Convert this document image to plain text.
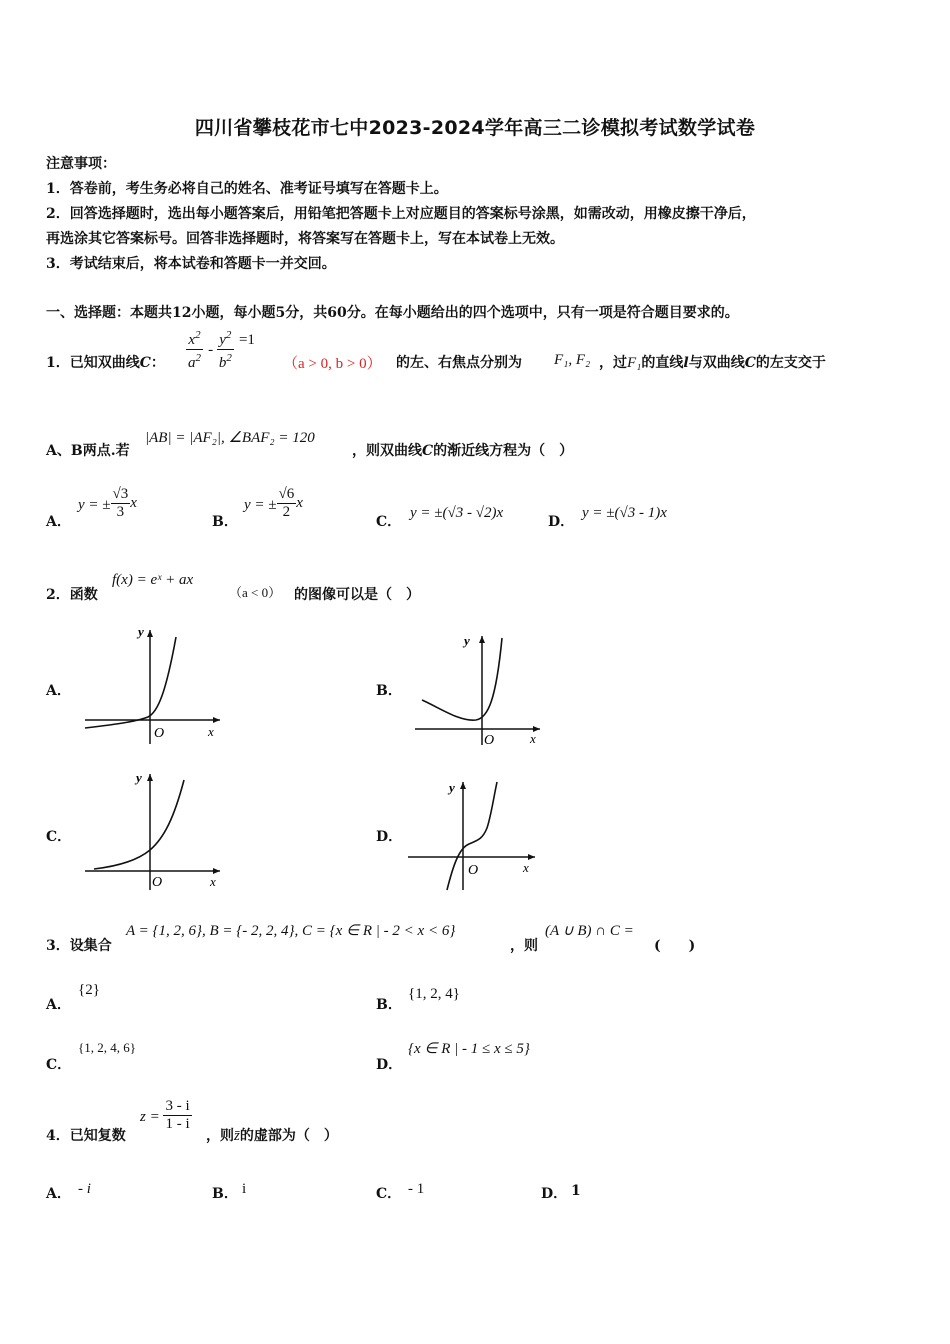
四川省攀枝花市七中2023-2024学年高三二诊模拟考试数学试卷
注意事项：
1．答卷前，考生务必将自己的姓名、准考证号填写在答题卡上。
2．回答选择题时，选出每小题答案后，用铅笔把答题卡上对应题目的答案标号涂黑，如需改动，用橡皮擦干净后，
再选涂其它答案标号。回答非选择题时，将答案写在答题卡上，写在本试卷上无效。
3．考试结束后，将本试卷和答题卡一并交回。
一、选择题：本题共12小题，每小题5分，共60分。在每小题给出的四个选项中，只有一项是符合题目要求的。
1．已知双曲线C： $\frac{x^2}{a^2} - \frac{y^2}{b^2} =1$
（a > 0, b > 0） 的左、右焦点分别为 F₁, F₂ ，过F₁的直线l与双曲线C的左支交于
A、B两点.若
|AB| = |AF₂|, ∠BAF₂ = 120
，则双曲线C的渐近线方程为（　）
A．
y = ± $\frac{√3}{3}$ x
B．
y = ± $\frac{√6}{2}$ x
C．
y = ±(√3 - √2)x
D．
y = ±(√3 - 1)x
2．函数
f(x) = eˣ + ax
（a < 0） 的图像可以是（　）
A．	B．
C．	D．
y
x
O
y
x
O
y
x
O
y
x
O
3．设集合
A = {1, 2, 6}, B = {- 2, 2, 4}, C = {x ∈ R | - 2 < x < 6}
，则
(A ∪ B) ∩ C =
(　　)
A．
{2}
B．
{1, 2, 4}
C．
{1, 2, 4, 6}
D．
{x ∈ R | - 1 ≤ x ≤ 5}
4．已知复数
$z = \frac{3 - i}{1 - i}$
，则z̄的虚部为（　）
A． - i	B． i	C． - 1	D． 1
